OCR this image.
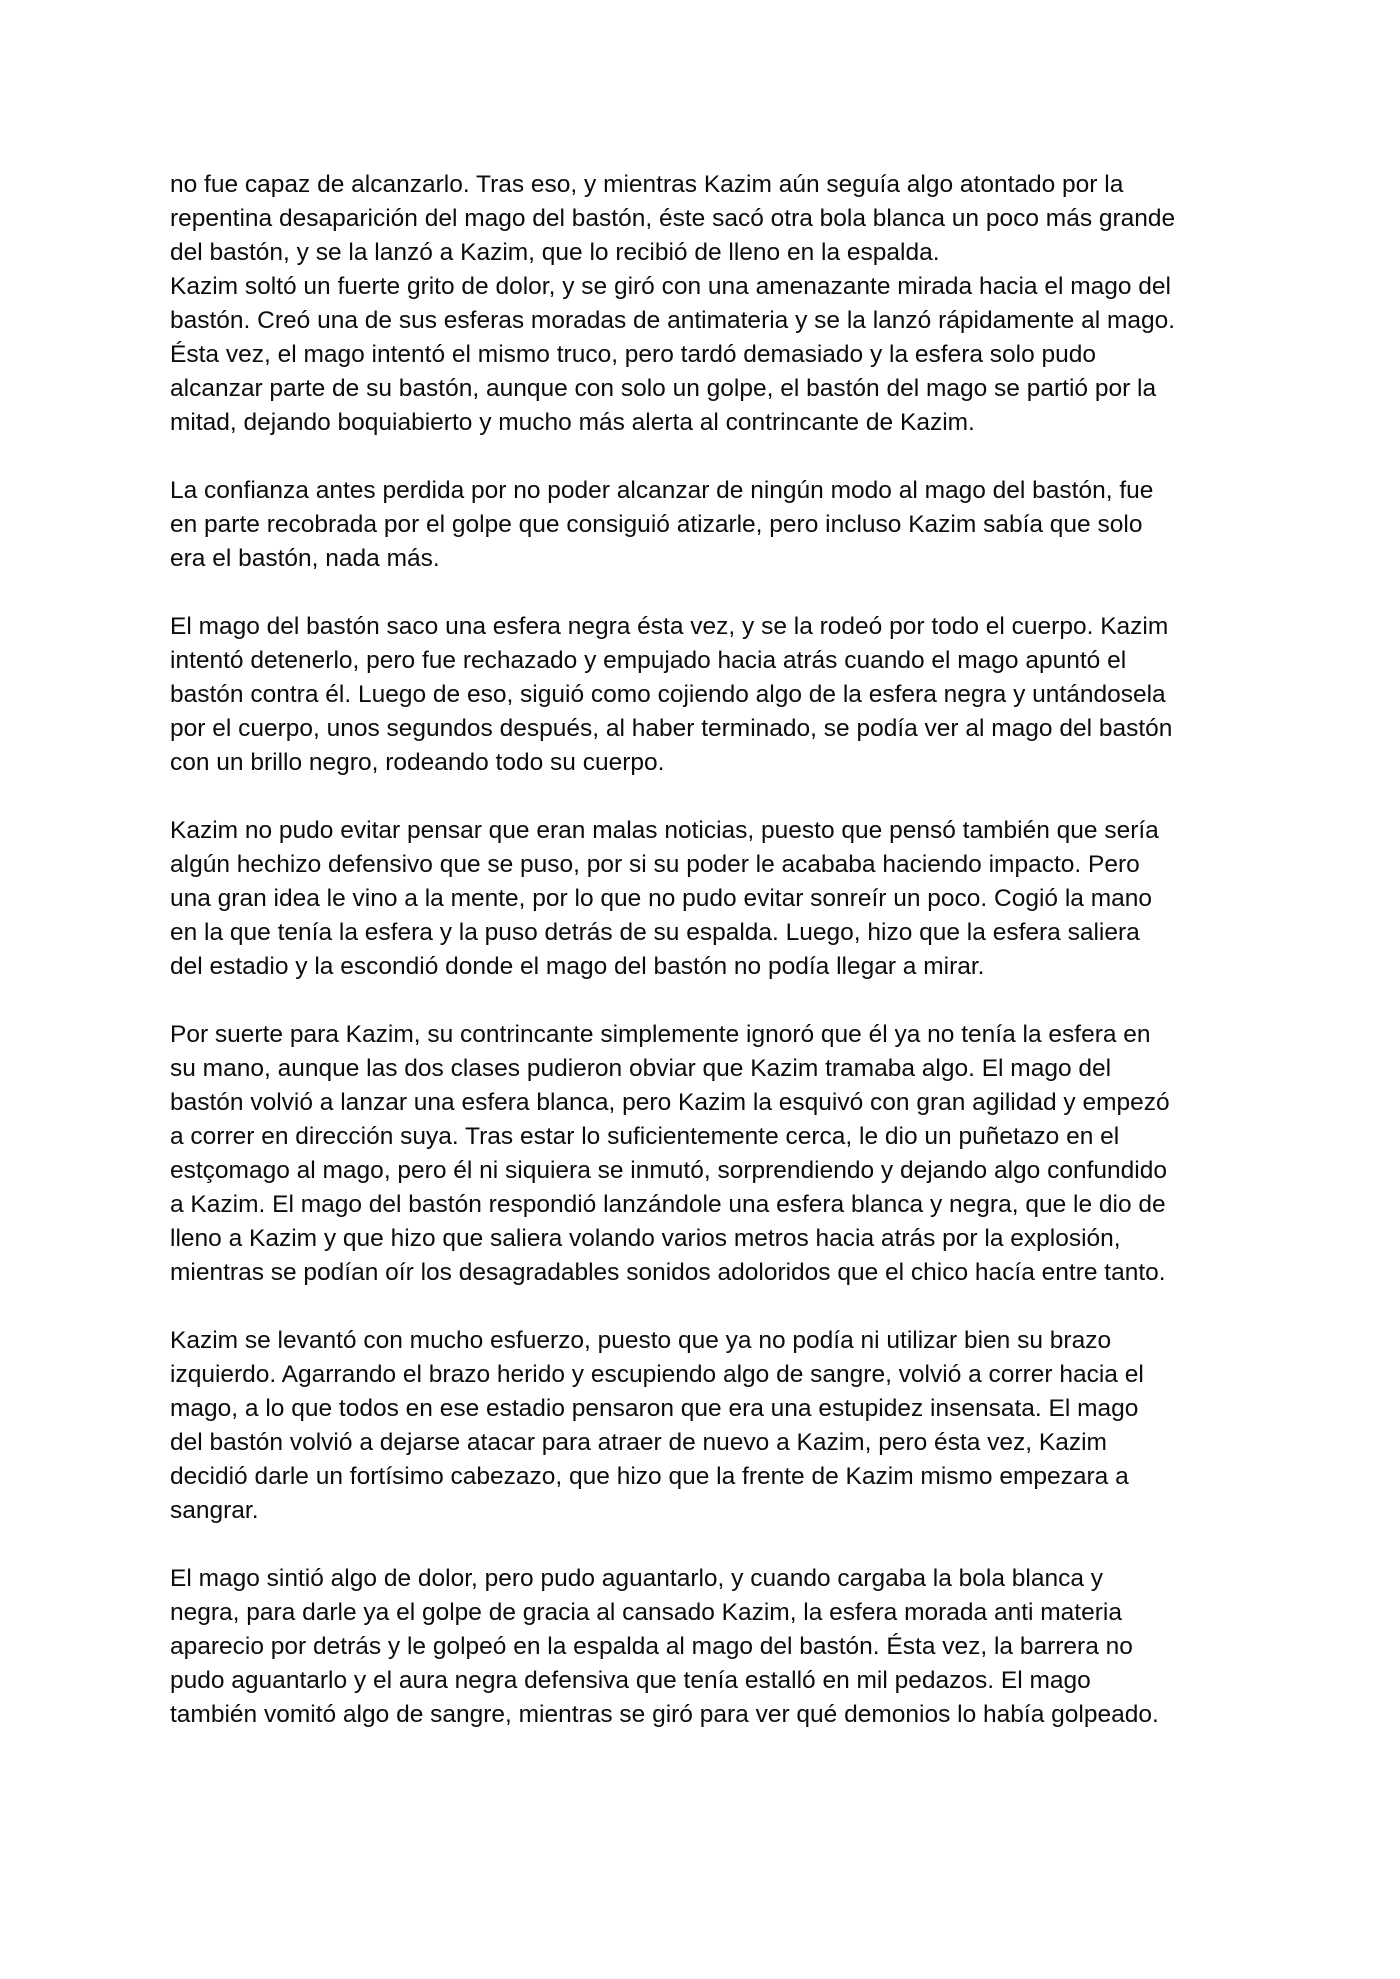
no fue capaz de alcanzarlo. Tras eso, y mientras Kazim aún seguía algo atontado por la
repentina desaparición del mago del bastón, éste sacó otra bola blanca un poco más grande
del bastón, y se la lanzó a Kazim, que lo recibió de lleno en la espalda.
Kazim soltó un fuerte grito de dolor, y se giró con una amenazante mirada hacia el mago del
bastón. Creó una de sus esferas moradas de antimateria y se la lanzó rápidamente al mago.
Ésta vez, el mago intentó el mismo truco, pero tardó demasiado y la esfera solo pudo
alcanzar parte de su bastón, aunque con solo un golpe, el bastón del mago se partió por la
mitad, dejando boquiabierto y mucho más alerta al contrincante de Kazim.

La confianza antes perdida por no poder alcanzar de ningún modo al mago del bastón, fue
en parte recobrada por el golpe que consiguió atizarle, pero incluso Kazim sabía que solo
era el bastón, nada más.

El mago del bastón saco una esfera negra ésta vez, y se la rodeó por todo el cuerpo. Kazim
intentó detenerlo, pero fue rechazado y empujado hacia atrás cuando el mago apuntó el
bastón contra él. Luego de eso, siguió como cojiendo algo de la esfera negra y untándosela
por el cuerpo, unos segundos después, al haber terminado, se podía ver al mago del bastón
con un brillo negro, rodeando todo su cuerpo.

Kazim no pudo evitar pensar que eran malas noticias, puesto que pensó también que sería
algún hechizo defensivo que se puso, por si su poder le acababa haciendo impacto. Pero
una gran idea le vino a la mente, por lo que no pudo evitar sonreír un poco. Cogió la mano
en la que tenía la esfera y la puso detrás de su espalda. Luego, hizo que la esfera saliera
del estadio y la escondió donde el mago del bastón no podía llegar a mirar.

Por suerte para Kazim, su contrincante simplemente ignoró que él ya no tenía la esfera en
su mano, aunque las dos clases pudieron obviar que Kazim tramaba algo. El mago del
bastón volvió a lanzar una esfera blanca, pero Kazim la esquivó con gran agilidad y empezó
a correr en dirección suya. Tras estar lo suficientemente cerca, le dio un puñetazo en el
estçomago al mago, pero él ni siquiera se inmutó, sorprendiendo y dejando algo confundido
a Kazim. El mago del bastón respondió lanzándole una esfera blanca y negra, que le dio de
lleno a Kazim y que hizo que saliera volando varios metros hacia atrás por la explosión,
mientras se podían oír los desagradables sonidos adoloridos que el chico hacía entre tanto.

Kazim se levantó con mucho esfuerzo, puesto que ya no podía ni utilizar bien su brazo
izquierdo. Agarrando el brazo herido y escupiendo algo de sangre, volvió a correr hacia el
mago, a lo que todos en ese estadio pensaron que era una estupidez insensata. El mago
del bastón volvió a dejarse atacar para atraer de nuevo a Kazim, pero ésta vez, Kazim
decidió darle un fortísimo cabezazo, que hizo que la frente de Kazim mismo empezara a
sangrar.

El mago sintió algo de dolor, pero pudo aguantarlo, y cuando cargaba la bola blanca y
negra, para darle ya el golpe de gracia al cansado Kazim, la esfera morada anti materia
aparecio por detrás y le golpeó en la espalda al mago del bastón. Ésta vez, la barrera no
pudo aguantarlo y el aura negra defensiva que tenía estalló en mil pedazos. El mago
también vomitó algo de sangre, mientras se giró para ver qué demonios lo había golpeado.
